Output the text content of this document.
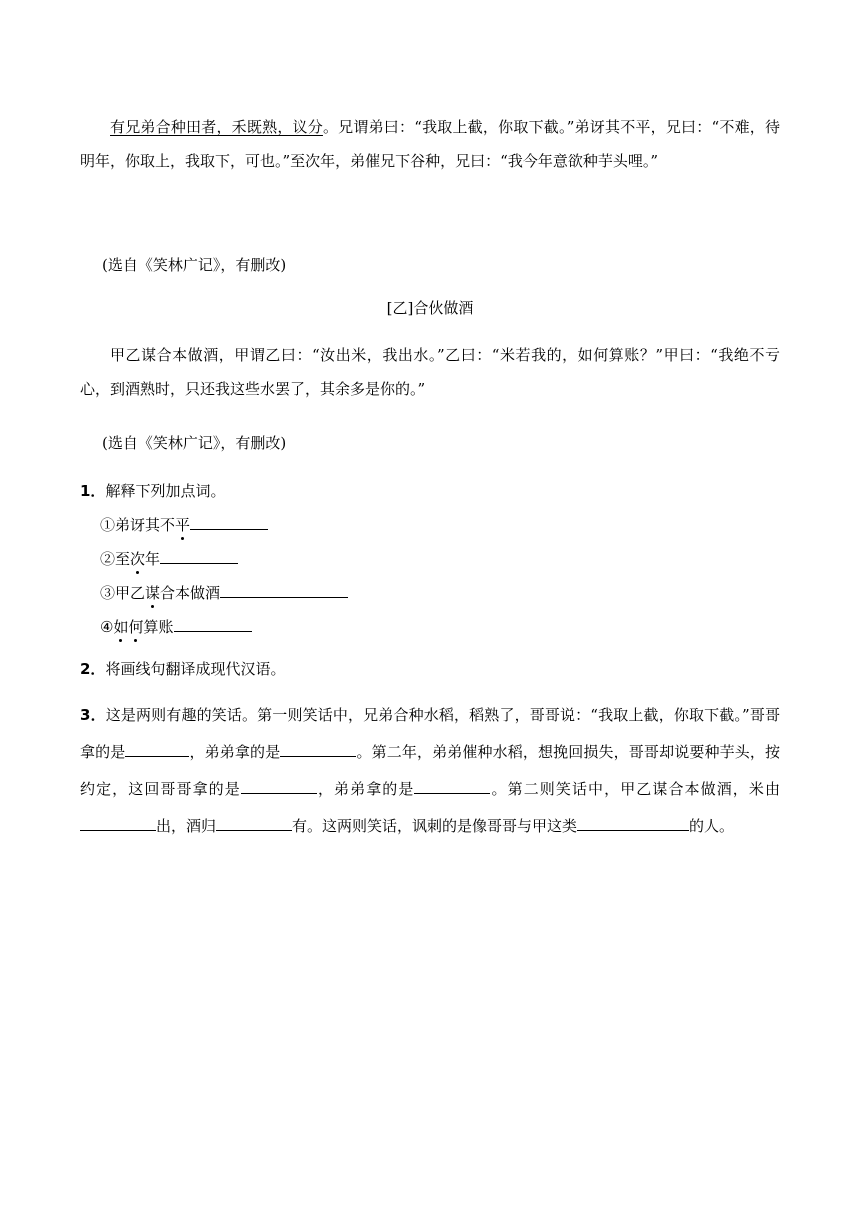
有兄弟合种田者，禾既熟，议分。兄谓弟曰：“我取上截，你取下截。”弟讶其不平，兄曰：“不难，待明年，你取上，我取下，可也。”至次年，弟催兄下谷种，兄曰：“我今年意欲种芋头哩。”
(选自《笑林广记》，有删改)
[乙]合伙做酒
甲乙谋合本做酒，甲谓乙曰：“汝出米，我出水。”乙曰：“米若我的，如何算账？”甲曰：“我绝不亏心，到酒熟时，只还我这些水罢了，其余多是你的。”
(选自《笑林广记》，有删改)
1．解释下列加点词。
①弟讶其不平
②至次年
③甲乙谋合本做酒
④如何算账
2．将画线句翻译成现代汉语。
3．这是两则有趣的笑话。第一则笑话中，兄弟合种水稻，稻熟了，哥哥说：“我取上截，你取下截。”哥哥拿的是	，弟弟拿的是	。第二年，弟弟催种水稻，想挽回损失，哥哥却说要种芋头，按约定，这回哥哥拿的是	，弟弟拿的是	。第二则笑话中，甲乙谋合本做酒，米由出，酒归	有。这两则笑话，讽刺的是像哥哥与甲这类	的人。
